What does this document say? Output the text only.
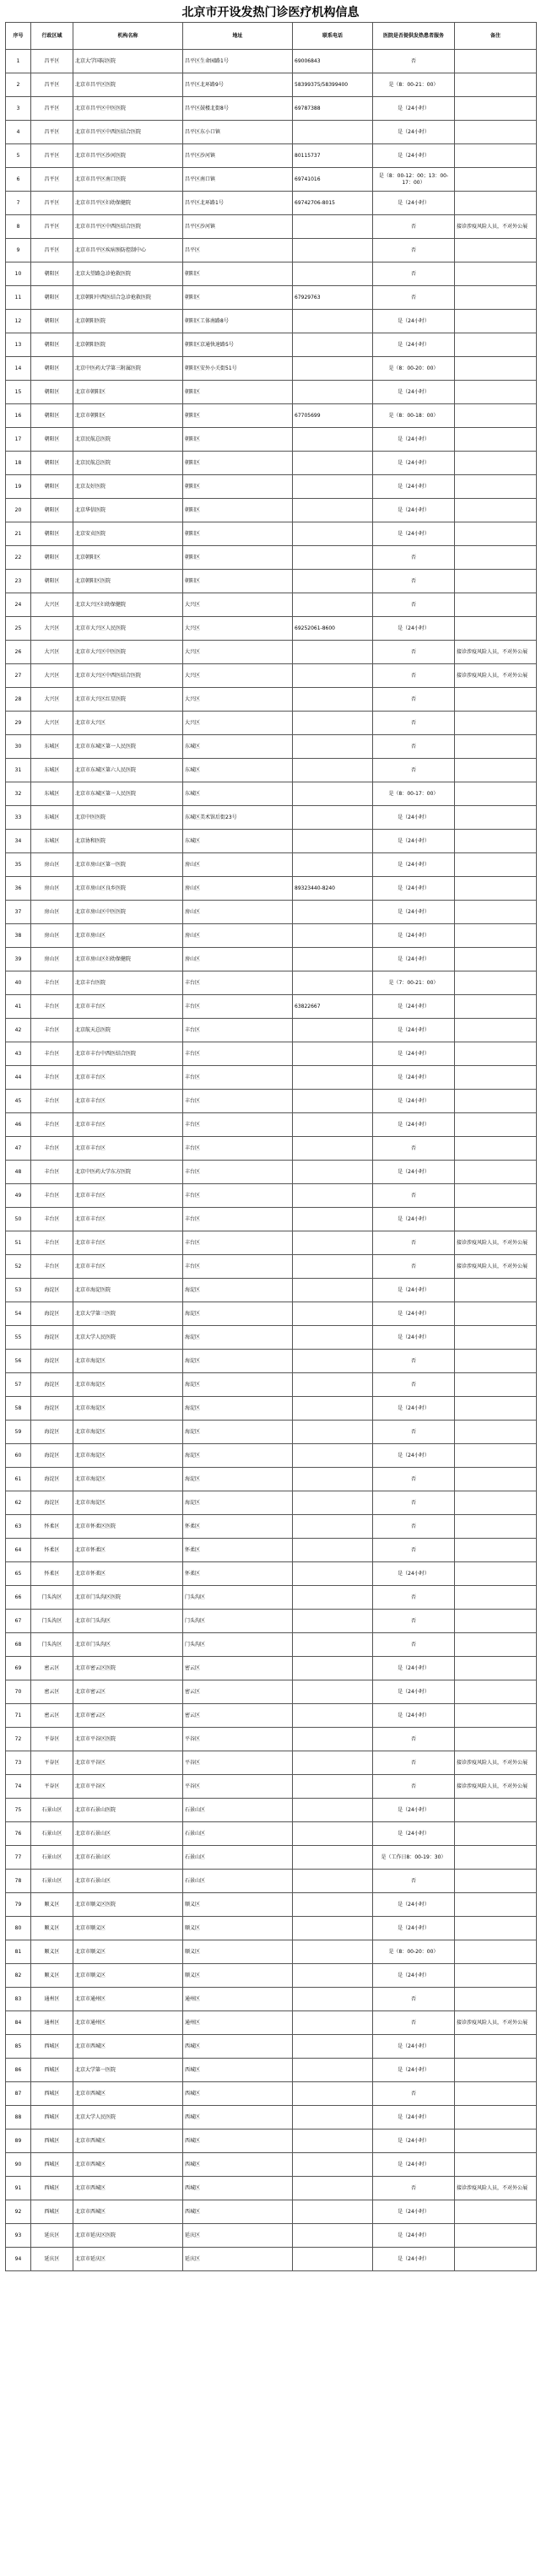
北京市开设发热门诊医疗机构信息
序号	行政区域	机构名称	地址	联系电话	医院是否提供发热患者服务	备注
1	昌平区	北京大学国际医院	昌平区生命园路1号	69006843	否	
2	昌平区	北京市昌平区医院	昌平区北环路9号	58399375/58399400	是（8：00-21：00）	
3	昌平区	北京市昌平区中医医院	昌平区鼓楼北街8号	69787388	是（24小时）	
4	昌平区	北京市昌平区中西医结合医院	昌平区东小口镇		是（24小时）	
5	昌平区	北京市昌平区沙河医院	昌平区沙河镇	80115737	是（24小时）	
6	昌平区	北京市昌平区南口医院	昌平区南口镇	69741016	是（8：00-12：00；13：00-17：00）	
7	昌平区	北京市昌平区妇幼保健院	昌平区北环路1号	69742706-8015	是（24小时）	
8	昌平区	北京市昌平区中西医结合医院	昌平区沙河镇		否	接诊涉疫风险人员，不对外公展
9	昌平区	北京市昌平区疾病预防控制中心	昌平区		否	
10	朝阳区	北京大望路急诊抢救医院	朝阳区		否	
11	朝阳区	北京朝阳中西医结合急诊抢救医院	朝阳区	67929763	否	
12	朝阳区	北京朝阳医院	朝阳区工体南路8号		是（24小时）	
13	朝阳区	北京朝阳医院	朝阳区京通快速路5号		是（24小时）	
14	朝阳区	北京中医药大学第三附属医院	朝阳区安外小关街51号		是（8：00-20：00）	
15	朝阳区	北京市朝阳区	朝阳区		是（24小时）	
16	朝阳区	北京市朝阳区	朝阳区	67705699	是（8：00-18：00）	
17	朝阳区	北京民航总医院	朝阳区		是（24小时）	
18	朝阳区	北京民航总医院	朝阳区		是（24小时）	
19	朝阳区	北京友好医院	朝阳区		是（24小时）	
20	朝阳区	北京华信医院	朝阳区		是（24小时）	
21	朝阳区	北京安贞医院	朝阳区		是（24小时）	
22	朝阳区	北京朝阳区	朝阳区		否	
23	朝阳区	北京朝阳区医院	朝阳区		否	
24	大兴区	北京大兴区妇幼保健院	大兴区		否	
25	大兴区	北京市大兴区人民医院	大兴区	69252061-8600	是（24小时）	
26	大兴区	北京市大兴区中医医院	大兴区		否	接诊涉疫风险人员，不对外公展
27	大兴区	北京市大兴区中西医结合医院	大兴区		否	接诊涉疫风险人员，不对外公展
28	大兴区	北京市大兴区红星医院	大兴区		否	
29	大兴区	北京市大兴区	大兴区		否	
30	东城区	北京市东城区第一人民医院	东城区		否	
31	东城区	北京市东城区第六人民医院	东城区		否	
32	东城区	北京市东城区第一人民医院	东城区		是（8：00-17：00）	
33	东城区	北京中医医院	东城区美术馆后街23号		是（24小时）	
34	东城区	北京协和医院	东城区		是（24小时）	
35	房山区	北京市房山区第一医院	房山区		是（24小时）	
36	房山区	北京市房山区良乡医院	房山区	89323440-8240	是（24小时）	
37	房山区	北京市房山区中医医院	房山区		是（24小时）	
38	房山区	北京市房山区	房山区		是（24小时）	
39	房山区	北京市房山区妇幼保健院	房山区		是（24小时）	
40	丰台区	北京丰台医院	丰台区		是（7：00-21：00）	
41	丰台区	北京市丰台区	丰台区	63822667	是（24小时）	
42	丰台区	北京航天总医院	丰台区		是（24小时）	
43	丰台区	北京市丰台中西医结合医院	丰台区		是（24小时）	
44	丰台区	北京市丰台区	丰台区		是（24小时）	
45	丰台区	北京市丰台区	丰台区		是（24小时）	
46	丰台区	北京市丰台区	丰台区		是（24小时）	
47	丰台区	北京市丰台区	丰台区		否	
48	丰台区	北京中医药大学东方医院	丰台区		是（24小时）	
49	丰台区	北京市丰台区	丰台区		否	
50	丰台区	北京市丰台区	丰台区		是（24小时）	
51	丰台区	北京市丰台区	丰台区		否	接诊涉疫风险人员，不对外公展
52	丰台区	北京市丰台区	丰台区		否	接诊涉疫风险人员，不对外公展
53	海淀区	北京市海淀医院	海淀区		是（24小时）	
54	海淀区	北京大学第三医院	海淀区		是（24小时）	
55	海淀区	北京大学人民医院	海淀区		是（24小时）	
56	海淀区	北京市海淀区	海淀区		否	
57	海淀区	北京市海淀区	海淀区		否	
58	海淀区	北京市海淀区	海淀区		是（24小时）	
59	海淀区	北京市海淀区	海淀区		否	
60	海淀区	北京市海淀区	海淀区		是（24小时）	
61	海淀区	北京市海淀区	海淀区		否	
62	海淀区	北京市海淀区	海淀区		否	
63	怀柔区	北京市怀柔区医院	怀柔区		否	
64	怀柔区	北京市怀柔区	怀柔区		否	
65	怀柔区	北京市怀柔区	怀柔区		是（24小时）	
66	门头沟区	北京市门头沟区医院	门头沟区		否	
67	门头沟区	北京市门头沟区	门头沟区		否	
68	门头沟区	北京市门头沟区	门头沟区		否	
69	密云区	北京市密云区医院	密云区		是（24小时）	
70	密云区	北京市密云区	密云区		是（24小时）	
71	密云区	北京市密云区	密云区		是（24小时）	
72	平谷区	北京市平谷区医院	平谷区		否	
73	平谷区	北京市平谷区	平谷区		否	接诊涉疫风险人员，不对外公展
74	平谷区	北京市平谷区	平谷区		否	接诊涉疫风险人员，不对外公展
75	石景山区	北京市石景山医院	石景山区		是（24小时）	
76	石景山区	北京市石景山区	石景山区		是（24小时）	
77	石景山区	北京市石景山区	石景山区		是（工作日8：00-19：30）	
78	石景山区	北京市石景山区	石景山区		否	
79	顺义区	北京市顺义区医院	顺义区		是（24小时）	
80	顺义区	北京市顺义区	顺义区		是（24小时）	
81	顺义区	北京市顺义区	顺义区		是（8：00-20：00）	
82	顺义区	北京市顺义区	顺义区		是（24小时）	
83	通州区	北京市通州区	通州区		否	
84	通州区	北京市通州区	通州区		否	接诊涉疫风险人员，不对外公展
85	西城区	北京市西城区	西城区		是（24小时）	
86	西城区	北京大学第一医院	西城区		是（24小时）	
87	西城区	北京市西城区	西城区		否	
88	西城区	北京大学人民医院	西城区		是（24小时）	
89	西城区	北京市西城区	西城区		是（24小时）	
90	西城区	北京市西城区	西城区		是（24小时）	
91	西城区	北京市西城区	西城区		否	接诊涉疫风险人员，不对外公展
92	西城区	北京市西城区	西城区		是（24小时）	
93	延庆区	北京市延庆区医院	延庆区		是（24小时）	
94	延庆区	北京市延庆区	延庆区		是（24小时）	
